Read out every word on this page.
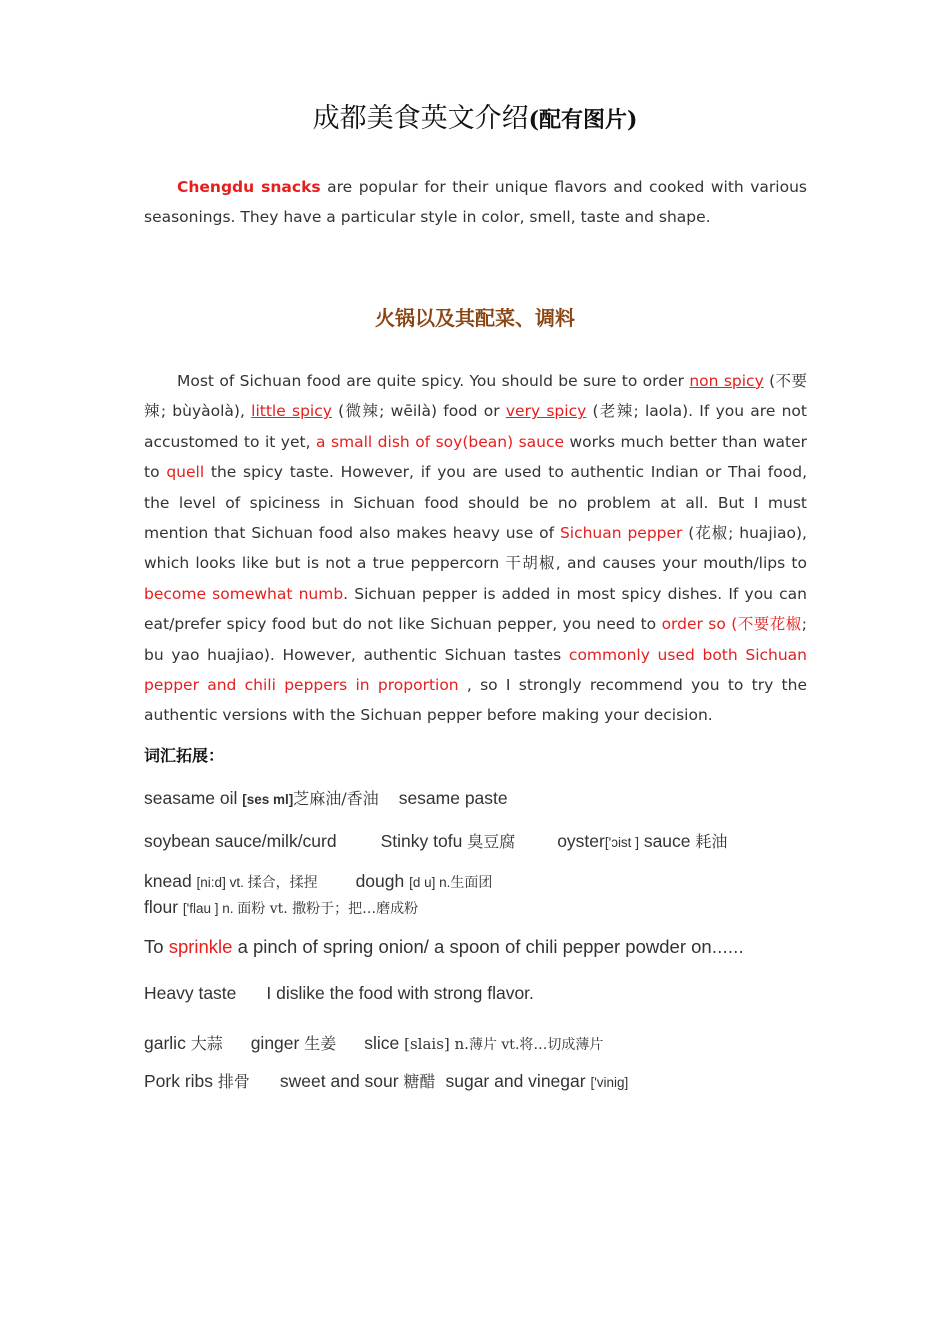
成都美食英文介绍(配有图片)
Chengdu snacks are popular for their unique flavors and cooked with various seasonings. They have a particular style in color, smell, taste and shape.
火锅以及其配菜、调料
Most of Sichuan food are quite spicy. You should be sure to order non spicy (不要辣; bùyàolà), little spicy (微辣; wēilà) food or very spicy (老辣; laola). If you are not accustomed to it yet, a small dish of soy(bean) sauce works much better than water to quell the spicy taste. However, if you are used to authentic Indian or Thai food, the level of spiciness in Sichuan food should be no problem at all. But I must mention that Sichuan food also makes heavy use of Sichuan pepper (花椒; huajiao), which looks like but is not a true peppercorn 干胡椒, and causes your mouth/lips to become somewhat numb. Sichuan pepper is added in most spicy dishes. If you can eat/prefer spicy food but do not like Sichuan pepper, you need to order so (不要花椒; bu yao huajiao). However, authentic Sichuan tastes commonly used both Sichuan pepper and chili peppers in proportion , so I strongly recommend you to try the authentic versions with the Sichuan pepper before making your decision.
词汇拓展：
seasame oil [ses ml]芝麻油/香油 sesame paste
soybean sauce/milk/curd	Stinky tofu 臭豆腐 oyster['ɔist ] sauce 耗油
knead [ni:d] vt. 揉合，揉捏 dough [d u] n.生面团
flour ['flau ] n. 面粉 vt. 撒粉于；把…磨成粉
To sprinkle a pinch of spring onion/ a spoon of chili pepper powder on……
Heavy taste I dislike the food with strong flavor.
garlic 大蒜 ginger 生姜 slice [slais] n.薄片 vt.将…切成薄片
Pork ribs 排骨 sweet and sour 糖醋 sugar and vinegar ['vinig]
